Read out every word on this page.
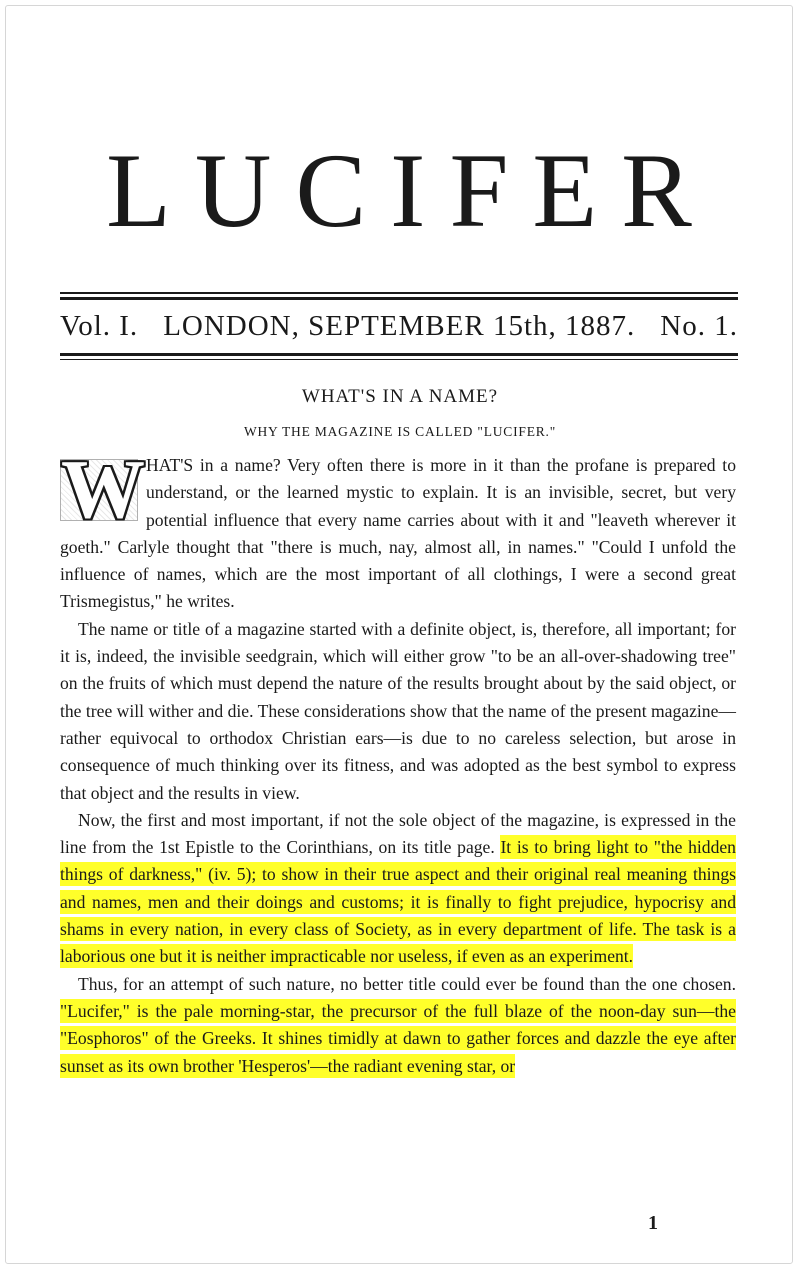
LUCIFER
Vol. I. LONDON, SEPTEMBER 15th, 1887. No. 1.
WHAT'S IN A NAME?
WHY THE MAGAZINE IS CALLED "LUCIFER."

W HAT'S in a name? Very often there is more in it than the profane is prepared to understand, or the learned mystic to explain. It is an invisible, secret, but very potential influence that every name carries about with it and "leaveth wherever it goeth." Carlyle thought that "there is much, nay, almost all, in names." "Could I unfold the influence of names, which are the most important of all clothings, I were a second great Trismegistus," he writes.

The name or title of a magazine started with a definite object, is, therefore, all important; for it is, indeed, the invisible seedgrain, which will either grow "to be an all-over-shadowing tree" on the fruits of which must depend the nature of the results brought about by the said object, or the tree will wither and die. These considerations show that the name of the present magazine—rather equivocal to orthodox Christian ears—is due to no careless selection, but arose in consequence of much thinking over its fitness, and was adopted as the best symbol to express that object and the results in view.

Now, the first and most important, if not the sole object of the magazine, is expressed in the line from the 1st Epistle to the Corinthians, on its title page. It is to bring light to "the hidden things of darkness," (iv. 5); to show in their true aspect and their original real meaning things and names, men and their doings and customs; it is finally to fight prejudice, hypocrisy and shams in every nation, in every class of Society, as in every department of life. The task is a laborious one but it is neither impracticable nor useless, if even as an experiment.

Thus, for an attempt of such nature, no better title could ever be found than the one chosen. "Lucifer," is the pale morning-star, the precursor of the full blaze of the noon-day sun—the "Eosphoros" of the Greeks. It shines timidly at dawn to gather forces and dazzle the eye after sunset as its own brother 'Hesperos'—the radiant evening star, or

1
